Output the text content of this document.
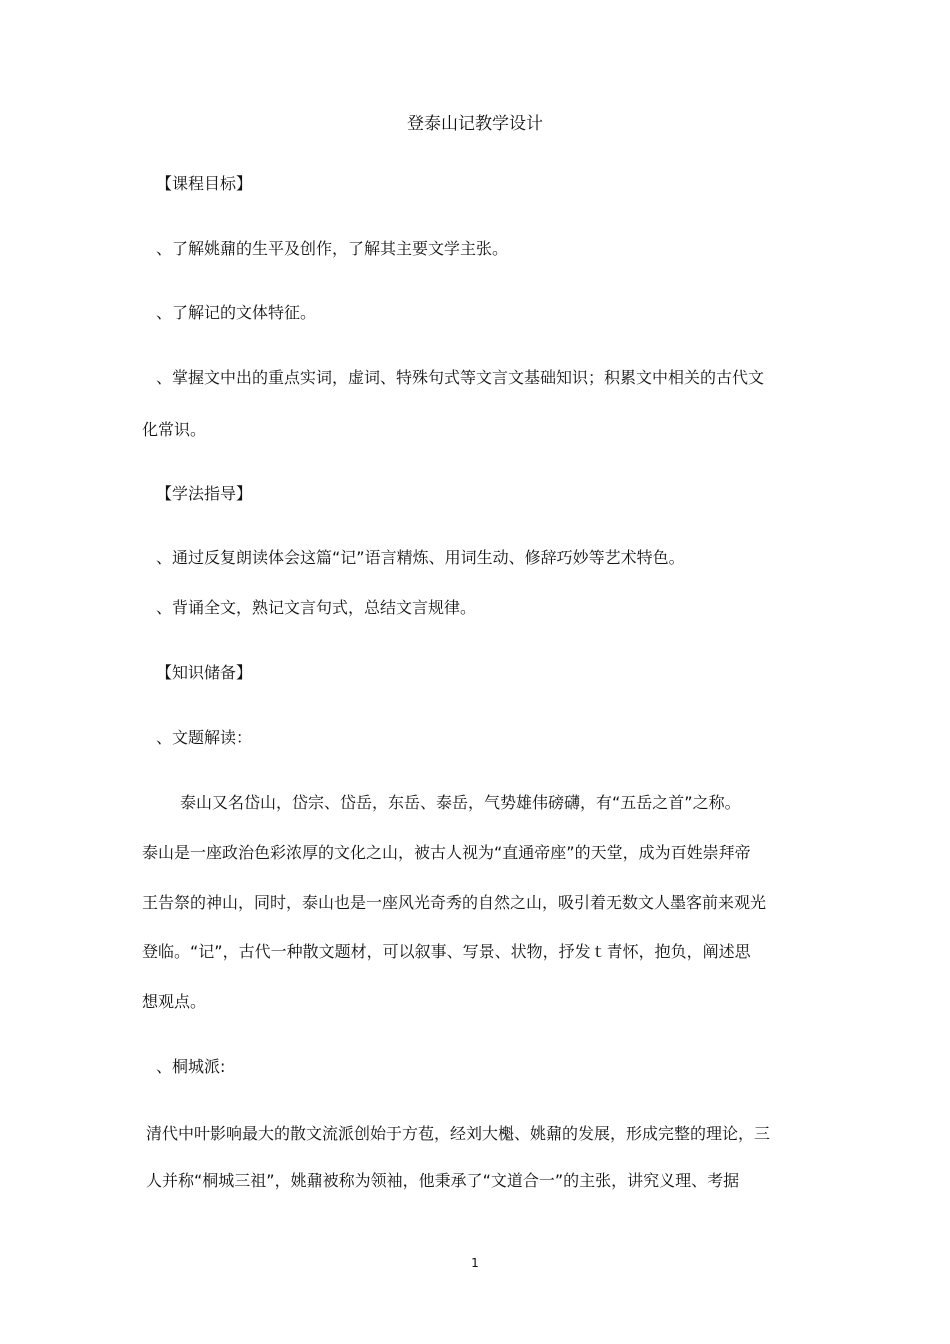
登泰山记教学设计
【课程目标】
、了解姚鼐的生平及创作，了解其主要文学主张。
、了解记的文体特征。
、掌握文中出的重点实词，虚词、特殊句式等文言文基础知识；积累文中相关的古代文
化常识。
【学法指导】
、通过反复朗读体会这篇“记”语言精炼、用词生动、修辞巧妙等艺术特色。
、背诵全文，熟记文言句式，总结文言规律。
【知识储备】
、文题解读：
泰山又名岱山，岱宗、岱岳，东岳、泰岳，气势雄伟磅礴，有“五岳之首”之称。
泰山是一座政治色彩浓厚的文化之山，被古人视为“直通帝座”的天堂，成为百姓崇拜帝
王告祭的神山，同时，泰山也是一座风光奇秀的自然之山，吸引着无数文人墨客前来观光
登临。“记”，古代一种散文题材，可以叙事、写景、状物，抒发ｔ青怀，抱负，阐述思
想观点。
、桐城派:
清代中叶影响最大的散文流派创始于方苞，经刘大櫆、姚鼐的发展，形成完整的理论，三
人并称“桐城三祖”，姚鼐被称为领袖，他秉承了“文道合一”的主张，讲究义理、考据
1
